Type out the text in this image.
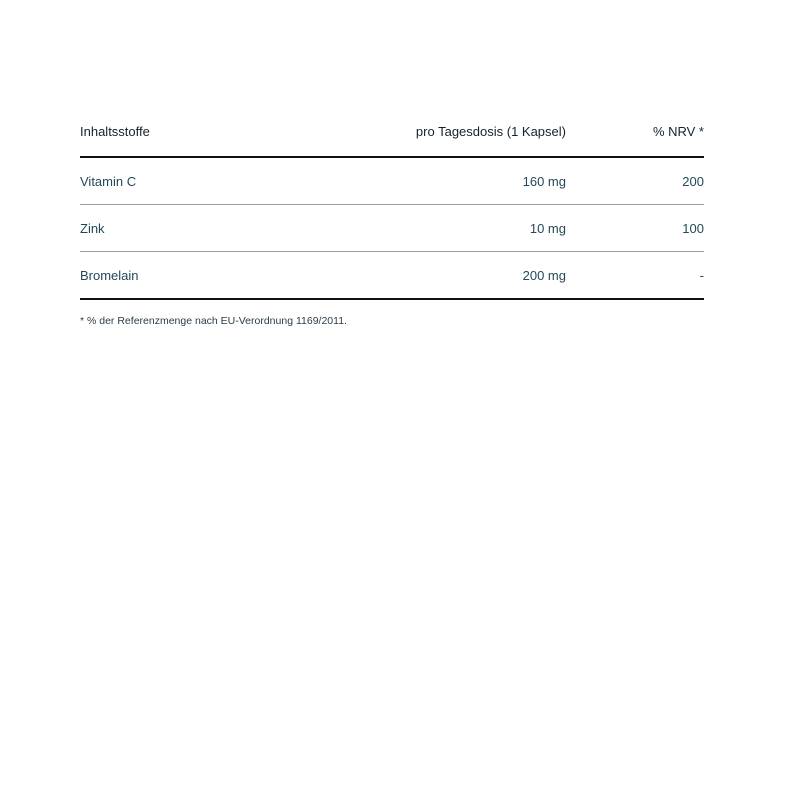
Inhaltsstoffe	pro Tagesdosis (1 Kapsel)	% NRV *
Vitamin C	160 mg	200
Zink	10 mg	100
Bromelain	200 mg	-
* % der Referenzmenge nach EU-Verordnung 1169/2011.
